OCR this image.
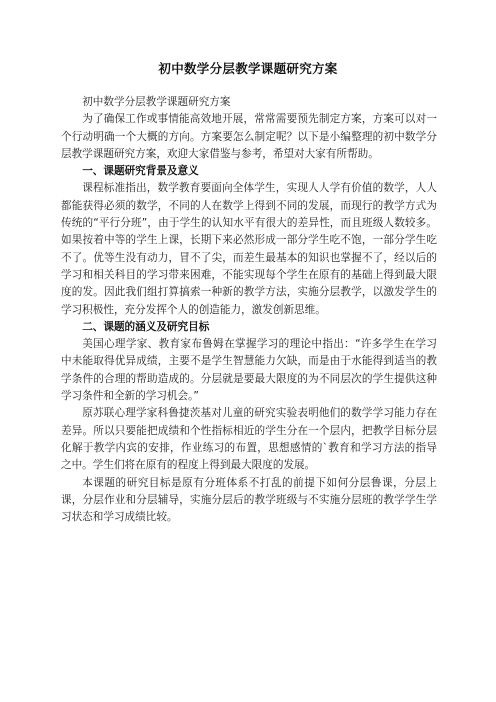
初中数学分层教学课题研究方案

初中数学分层教学课题研究方案

为了确保工作或事情能高效地开展，常常需要预先制定方案，方案可以对一个行动明确一个大概的方向。方案要怎么制定呢？以下是小编整理的初中数学分层教学课题研究方案，欢迎大家借鉴与参考，希望对大家有所帮助。

一、课题研究背景及意义

课程标准指出，数学教育要面向全体学生，实现人人学有价值的数学，人人都能获得必须的数学，不同的人在数学上得到不同的发展，而现行的教学方式为传统的“平行分班”，由于学生的认知水平有很大的差异性，而且班级人数较多。如果按着中等的学生上课，长期下来必然形成一部分学生吃不饱，一部分学生吃不了。优等生没有动力，冒不了尖，而差生最基本的知识也掌握不了，经以后的学习和相关科目的学习带来困难，不能实现每个学生在原有的基础上得到最大限度的发。因此我们组打算搞索一种新的教学方法，实施分层教学，以激发学生的学习积极性，充分发挥个人的创造能力，激发创新思维。

二、课题的涵义及研究目标

美国心理学家、教育家布鲁姆在掌握学习的理论中指出：“许多学生在学习中未能取得优异成绩，主要不是学生智慧能力欠缺，而是由于水能得到适当的教学条件的合理的帮助造成的。分层就是要最大限度的为不同层次的学生提供这种学习条件和全新的学习机会。”

原苏联心理学家科鲁捷茨基对儿童的研究实验表明他们的数学学习能力存在差异。所以只要能把成绩和个性指标相近的学生分在一个层内，把教学目标分层化解于教学内宾的安排，作业练习的布置，思想感情的`教育和学习方法的指导之中。学生们将在原有的程度上得到最大限度的发展。

本课题的研究目标是原有分班体系不打乱的前提下如何分层鲁课，分层上课，分层作业和分层辅导，实施分层后的教学班级与不实施分层班的教学学生学习状态和学习成绩比较。
